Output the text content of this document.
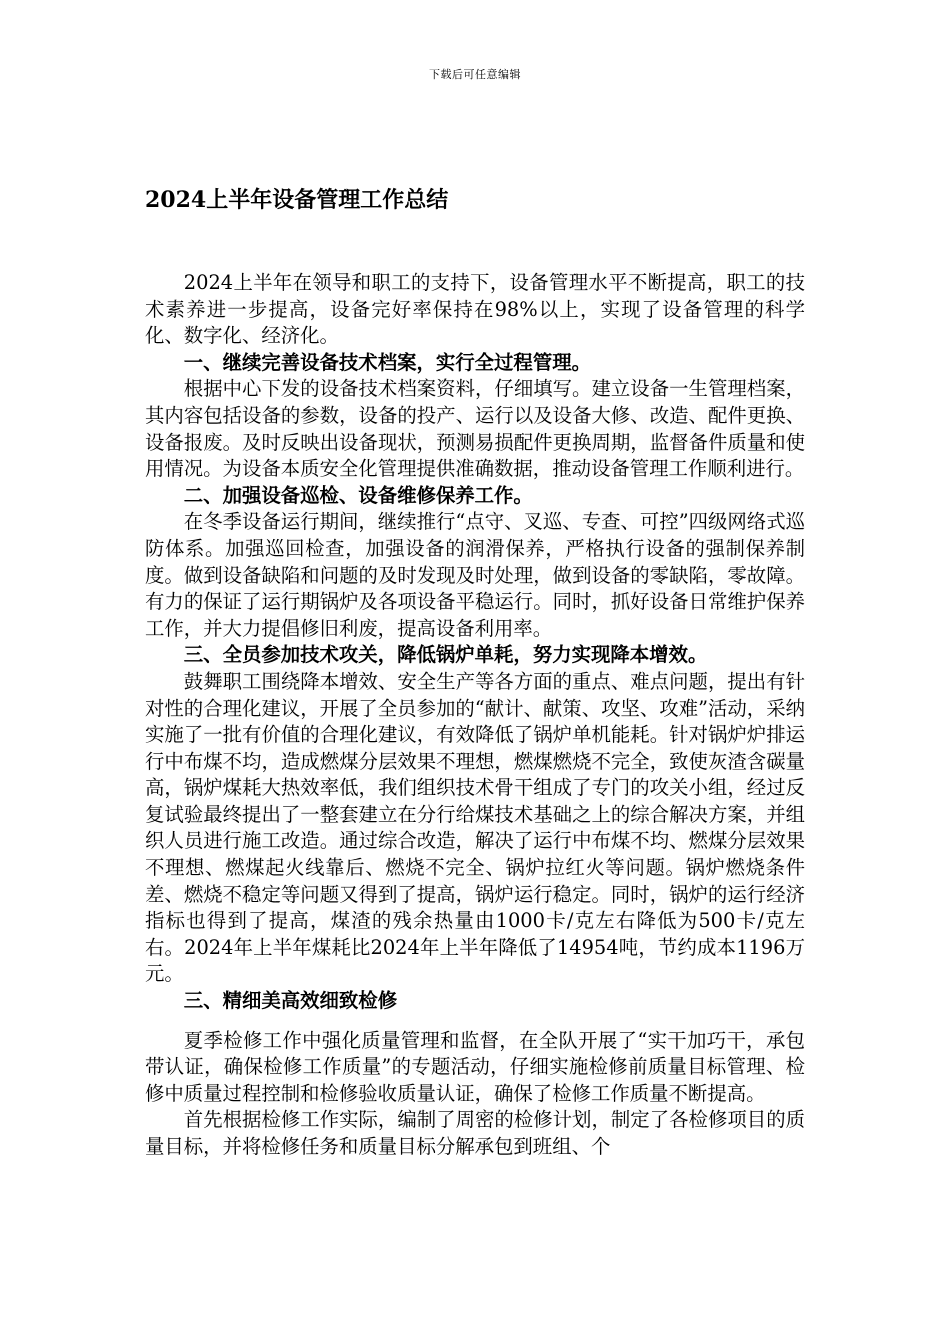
下载后可任意编辑
2024上半年设备管理工作总结

2024上半年在领导和职工的支持下，设备管理水平不断提高，职工的技术素养进一步提高，设备完好率保持在98%以上，实现了设备管理的科学化、数字化、经济化。

一、继续完善设备技术档案，实行全过程管理。

根据中心下发的设备技术档案资料，仔细填写。建立设备一生管理档案，其内容包括设备的参数，设备的投产、运行以及设备大修、改造、配件更换、设备报废。及时反映出设备现状，预测易损配件更换周期，监督备件质量和使用情况。为设备本质安全化管理提供准确数据，推动设备管理工作顺利进行。

二、加强设备巡检、设备维修保养工作。

在冬季设备运行期间，继续推行“点守、叉巡、专查、可控”四级网络式巡防体系。加强巡回检查，加强设备的润滑保养，严格执行设备的强制保养制度。做到设备缺陷和问题的及时发现及时处理，做到设备的零缺陷，零故障。有力的保证了运行期锅炉及各项设备平稳运行。同时，抓好设备日常维护保养工作，并大力提倡修旧利废，提高设备利用率。

三、全员参加技术攻关，降低锅炉单耗，努力实现降本增效。

鼓舞职工围绕降本增效、安全生产等各方面的重点、难点问题，提出有针对性的合理化建议，开展了全员参加的“献计、献策、攻坚、攻难”活动，采纳实施了一批有价值的合理化建议，有效降低了锅炉单机能耗。针对锅炉炉排运行中布煤不均，造成燃煤分层效果不理想，燃煤燃烧不完全，致使灰渣含碳量高，锅炉煤耗大热效率低，我们组织技术骨干组成了专门的攻关小组，经过反复试验最终提出了一整套建立在分行给煤技术基础之上的综合解决方案，并组织人员进行施工改造。通过综合改造，解决了运行中布煤不均、燃煤分层效果不理想、燃煤起火线靠后、燃烧不完全、锅炉拉红火等问题。锅炉燃烧条件差、燃烧不稳定等问题又得到了提高，锅炉运行稳定。同时，锅炉的运行经济指标也得到了提高，煤渣的残余热量由1000卡/克左右降低为500卡/克左右。2024年上半年煤耗比2024年上半年降低了14954吨，节约成本1196万元。

三、精细美高效细致检修

夏季检修工作中强化质量管理和监督，在全队开展了“实干加巧干，承包带认证，确保检修工作质量”的专题活动，仔细实施检修前质量目标管理、检修中质量过程控制和检修验收质量认证，确保了检修工作质量不断提高。

首先根据检修工作实际，编制了周密的检修计划，制定了各检修项目的质量目标，并将检修任务和质量目标分解承包到班组、个
